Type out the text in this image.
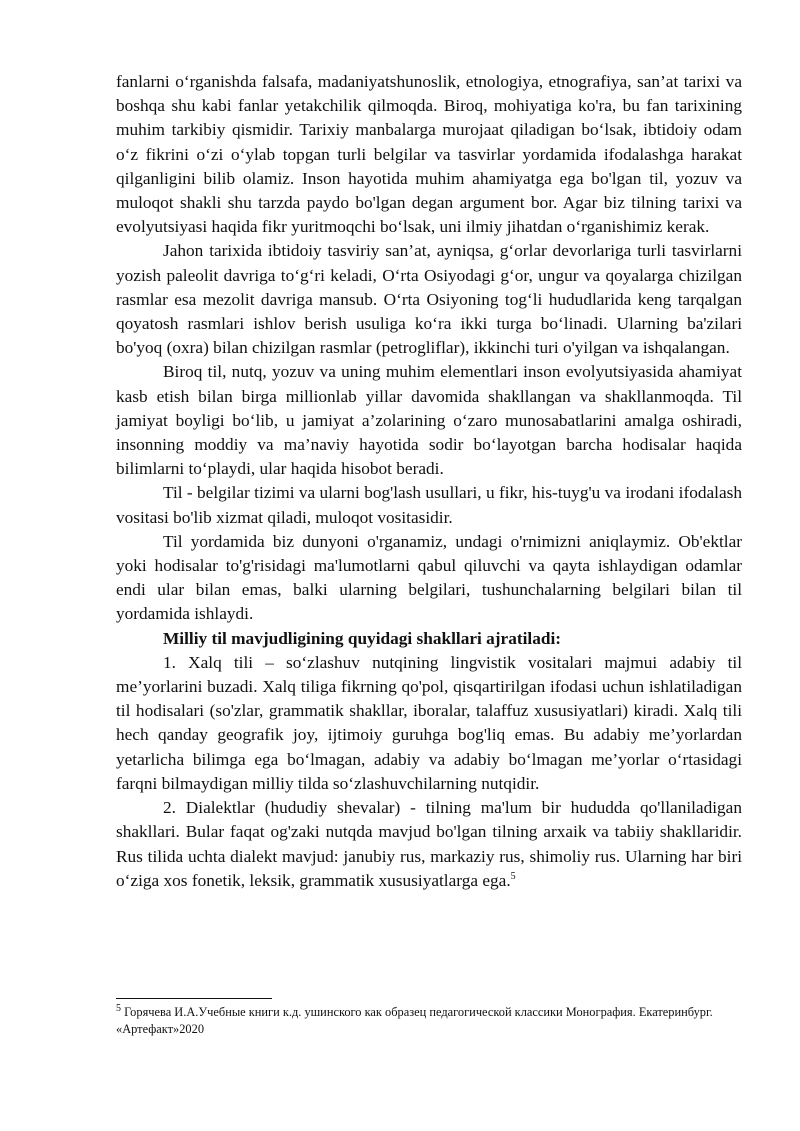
fanlarni o‘rganishda falsafa, madaniyatshunoslik, etnologiya, etnografiya, san’at tarixi va boshqa shu kabi fanlar yetakchilik qilmoqda. Biroq, mohiyatiga ko'ra, bu fan tarixining muhim tarkibiy qismidir. Tarixiy manbalarga murojaat qiladigan bo‘lsak, ibtidoiy odam o‘z fikrini o‘zi o‘ylab topgan turli belgilar va tasvirlar yordamida ifodalashga harakat qilganligini bilib olamiz. Inson hayotida muhim ahamiyatga ega bo'lgan til, yozuv va muloqot shakli shu tarzda paydo bo'lgan degan argument bor. Agar biz tilning tarixi va evolyutsiyasi haqida fikr yuritmoqchi bo‘lsak, uni ilmiy jihatdan o‘rganishimiz kerak.

Jahon tarixida ibtidoiy tasviriy san’at, ayniqsa, g‘orlar devorlariga turli tasvirlarni yozish paleolit davriga to‘g‘ri keladi, O‘rta Osiyodagi g‘or, ungur va qoyalarga chizilgan rasmlar esa mezolit davriga mansub. O‘rta Osiyoning tog‘li hududlarida keng tarqalgan qoyatosh rasmlari ishlov berish usuliga ko‘ra ikki turga bo‘linadi. Ularning ba'zilari bo'yoq (oxra) bilan chizilgan rasmlar (petrogliflar), ikkinchi turi o'yilgan va ishqalangan.

Biroq til, nutq, yozuv va uning muhim elementlari inson evolyutsiyasida ahamiyat kasb etish bilan birga millionlab yillar davomida shakllangan va shakllanmoqda. Til jamiyat boyligi bo‘lib, u jamiyat a’zolarining o‘zaro munosabatlarini amalga oshiradi, insonning moddiy va ma’naviy hayotida sodir bo‘layotgan barcha hodisalar haqida bilimlarni to‘playdi, ular haqida hisobot beradi.

Til - belgilar tizimi va ularni bog'lash usullari, u fikr, his-tuyg'u va irodani ifodalash vositasi bo'lib xizmat qiladi, muloqot vositasidir.

Til yordamida biz dunyoni o'rganamiz, undagi o'rnimizni aniqlaymiz. Ob'ektlar yoki hodisalar to'g'risidagi ma'lumotlarni qabul qiluvchi va qayta ishlaydigan odamlar endi ular bilan emas, balki ularning belgilari, tushunchalarning belgilari bilan til yordamida ishlaydi.

Milliy til mavjudligining quyidagi shakllari ajratiladi:

1. Xalq tili – so‘zlashuv nutqining lingvistik vositalari majmui adabiy til me’yorlarini buzadi. Xalq tiliga fikrning qo'pol, qisqartirilgan ifodasi uchun ishlatiladigan til hodisalari (so'zlar, grammatik shakllar, iboralar, talaffuz xususiyatlari) kiradi. Xalq tili hech qanday geografik joy, ijtimoiy guruhga bog'liq emas. Bu adabiy me’yorlardan yetarlicha bilimga ega bo‘lmagan, adabiy va adabiy bo‘lmagan me’yorlar o‘rtasidagi farqni bilmaydigan milliy tilda so‘zlashuvchilarning nutqidir.

2. Dialektlar (hududiy shevalar) - tilning ma'lum bir hududda qo'llaniladigan shakllari. Bular faqat og'zaki nutqda mavjud bo'lgan tilning arxaik va tabiiy shakllaridir. Rus tilida uchta dialekt mavjud: janubiy rus, markaziy rus, shimoliy rus. Ularning har biri o‘ziga xos fonetik, leksik, grammatik xususiyatlarga ega.$^5$

$^5$ Горячева И.А.Учебные книги к.д. ушинского как образец педагогической классики Монография. Екатеринбург. «Артефакт»2020
